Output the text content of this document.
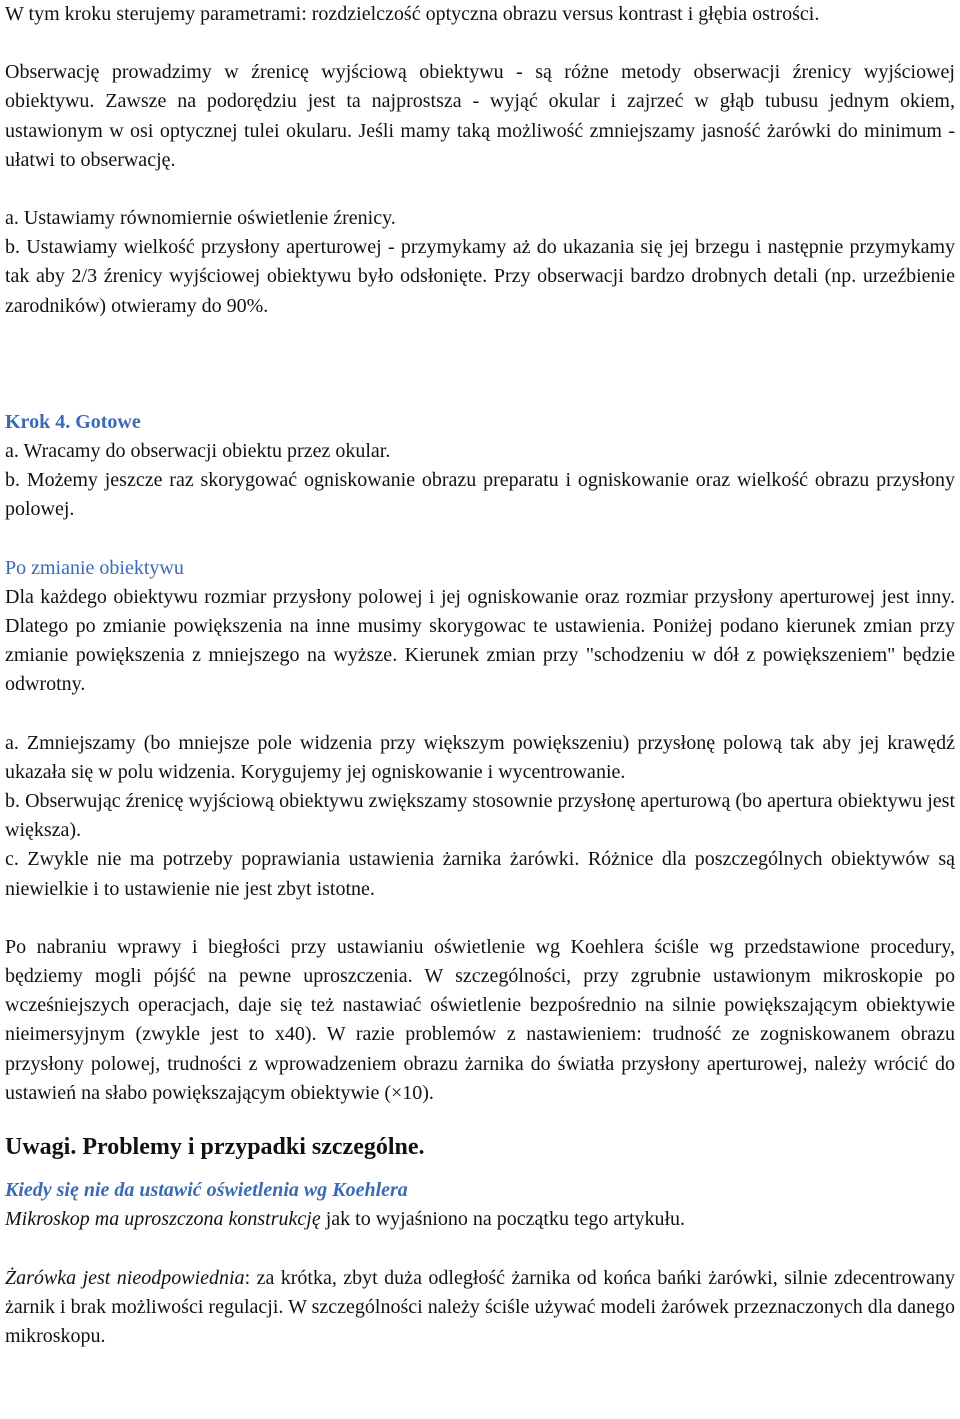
W tym kroku sterujemy parametrami: rozdzielczość optyczna obrazu versus kontrast i głębia ostrości.

Obserwację prowadzimy w źrenicę wyjściową obiektywu - są różne metody obserwacji źrenicy wyjściowej obiektywu. Zawsze na podorędziu jest ta najprostsza - wyjąć okular i zajrzeć w głąb tubusu jednym okiem, ustawionym w osi optycznej tulei okularu. Jeśli mamy taką możliwość zmniejszamy jasność żarówki do minimum - ułatwi to obserwację.

a. Ustawiamy równomiernie oświetlenie źrenicy.

b. Ustawiamy wielkość przysłony aperturowej - przymykamy aż do ukazania się jej brzegu i następnie przymykamy tak aby 2/3 źrenicy wyjściowej obiektywu było odsłonięte. Przy obserwacji bardzo drobnych detali (np. urzeźbienie zarodników) otwieramy do 90%.

Krok 4. Gotowe

a. Wracamy do obserwacji obiektu przez okular.

b. Możemy jeszcze raz skorygować ogniskowanie obrazu preparatu i ogniskowanie oraz wielkość obrazu przysłony polowej.

Po zmianie obiektywu

Dla każdego obiektywu rozmiar przysłony polowej i jej ogniskowanie oraz rozmiar przysłony aperturowej jest inny. Dlatego po zmianie powiększenia na inne musimy skorygowac te ustawienia. Poniżej podano kierunek zmian przy zmianie powiększenia z mniejszego na wyższe. Kierunek zmian przy "schodzeniu w dół z powiększeniem" będzie odwrotny.

a. Zmniejszamy (bo mniejsze pole widzenia przy większym powiększeniu) przysłonę polową tak aby jej krawędź ukazała się w polu widzenia. Korygujemy jej ogniskowanie i wycentrowanie.

b. Obserwując źrenicę wyjściową obiektywu zwiększamy stosownie przysłonę aperturową (bo apertura obiektywu jest większa).

c. Zwykle nie ma potrzeby poprawiania ustawienia żarnika żarówki. Różnice dla poszczególnych obiektywów są niewielkie i to ustawienie nie jest zbyt istotne.

Po nabraniu wprawy i biegłości przy ustawianiu oświetlenie wg Koehlera ściśle wg przedstawione procedury, będziemy mogli pójść na pewne uproszczenia. W szczególności, przy zgrubnie ustawionym mikroskopie po wcześniejszych operacjach, daje się też nastawiać oświetlenie bezpośrednio na silnie powiększającym obiektywie nieimersyjnym (zwykle jest to x40). W razie problemów z nastawieniem: trudność ze zogniskowanem obrazu przysłony polowej, trudności z wprowadzeniem obrazu żarnika do światła przysłony aperturowej, należy wrócić do ustawień na słabo powiększającym obiektywie (×10).

Uwagi. Problemy i przypadki szczególne.

Kiedy się nie da ustawić oświetlenia wg Koehlera

Mikroskop ma uproszczona konstrukcję jak to wyjaśniono na początku tego artykułu.

Żarówka jest nieodpowiednia: za krótka, zbyt duża odległość żarnika od końca bańki żarówki, silnie zdecentrowany żarnik i brak możliwości regulacji. W szczególności należy ściśle używać modeli żarówek przeznaczonych dla danego mikroskopu.
